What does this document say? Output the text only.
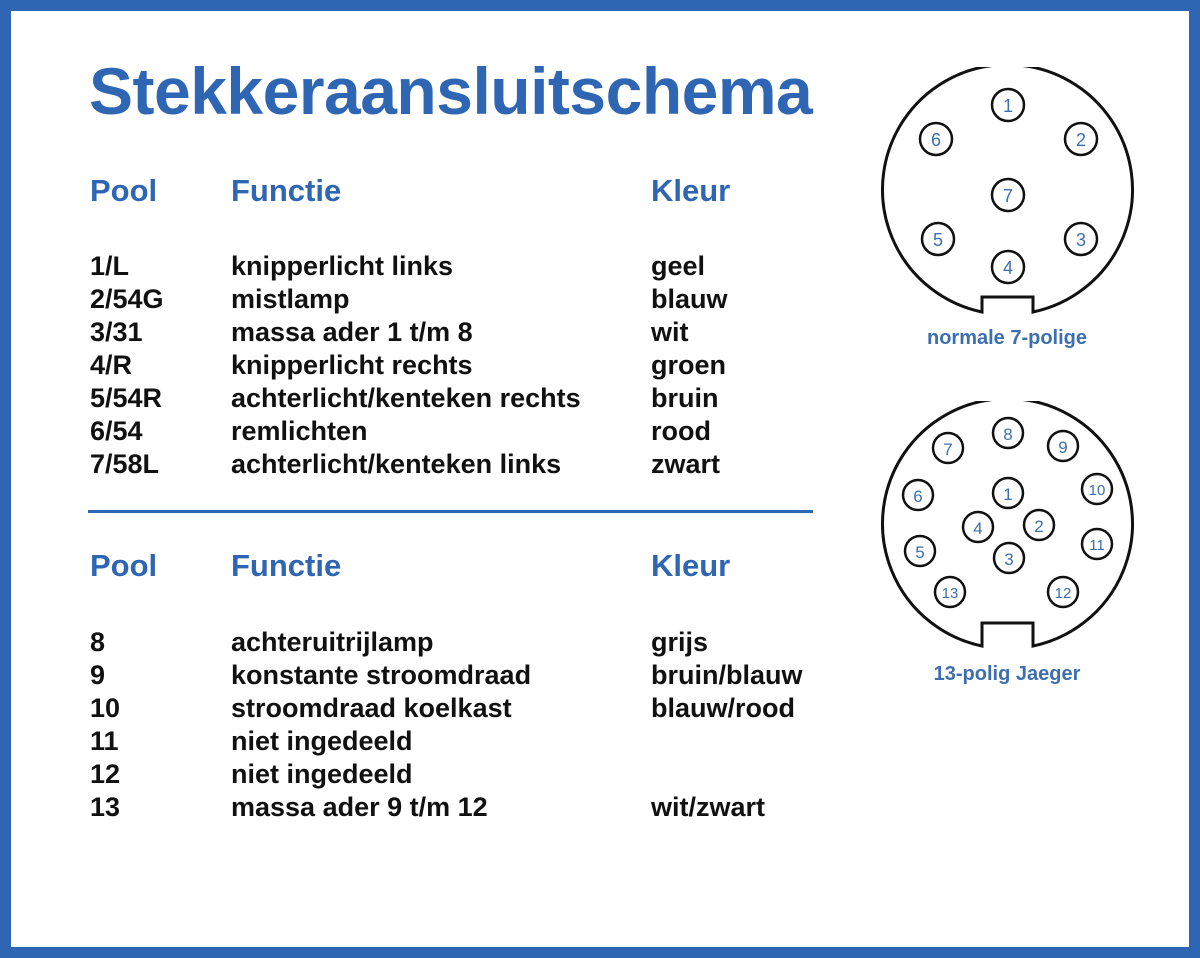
Stekkeraansluitschema
Pool Functie	Kleur
1/L	knipperlicht links	geel
2/54G mistlamp	blauw
3/31	massa ader 1 t/m 8	wit
4/R	knipperlicht rechts	groen
5/54R	achterlicht/kenteken rechts	bruin
6/54	remlichten	rood
7/58L	achterlicht/kenteken links	zwart
Pool Functie	Kleur
8	achteruitrijlamp	grijs
9	konstante stroomdraad	bruin/blauw
10	stroomdraad koelkast	blauw/rood
11	niet ingedeeld
12	niet ingedeeld
13	massa ader 9 t/m 12	wit/zwart
1
2
3
4
5
6
7
normale 7-polige
1
2
3
4
5
6
7
8
9
10
11
12
13
13-polig Jaeger
